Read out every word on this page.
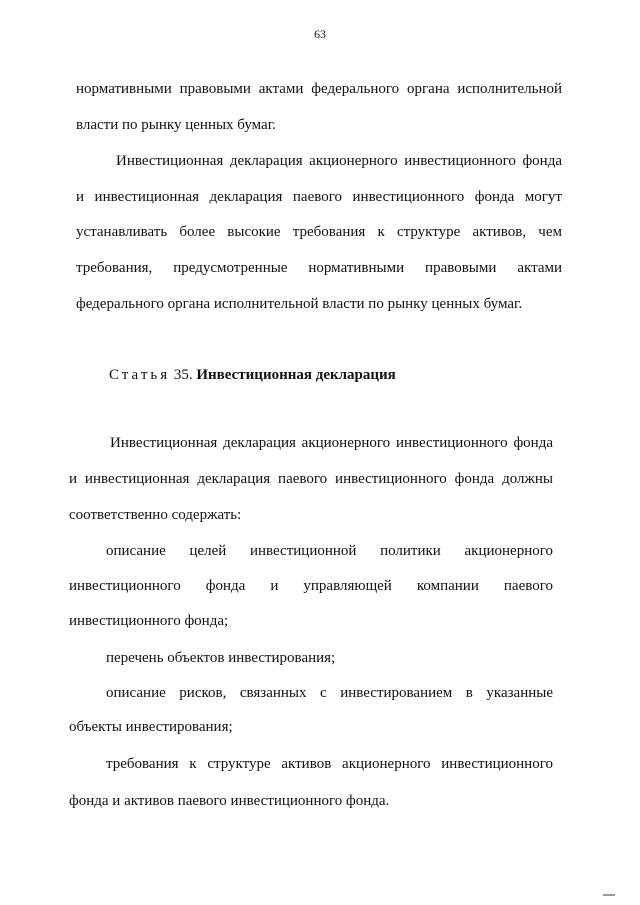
63
нормативными правовыми актами федерального органа исполнительной
власти по рынку ценных бумаг.
Инвестиционная декларация акционерного инвестиционного фонда
и инвестиционная декларация паевого инвестиционного фонда могут
устанавливать более высокие требования к структуре активов, чем
требования, предусмотренные нормативными правовыми актами
федерального органа исполнительной власти по рынку ценных бумаг.
Статья 35. Инвестиционная декларация
Инвестиционная декларация акционерного инвестиционного фонда
и инвестиционная декларация паевого инвестиционного фонда должны
соответственно содержать:
описание целей инвестиционной политики акционерного
инвестиционного фонда и управляющей компании паевого
инвестиционного фонда;
перечень объектов инвестирования;
описание рисков, связанных с инвестированием в указанные
объекты инвестирования;
требования к структуре активов акционерного инвестиционного
фонда и активов паевого инвестиционного фонда.
